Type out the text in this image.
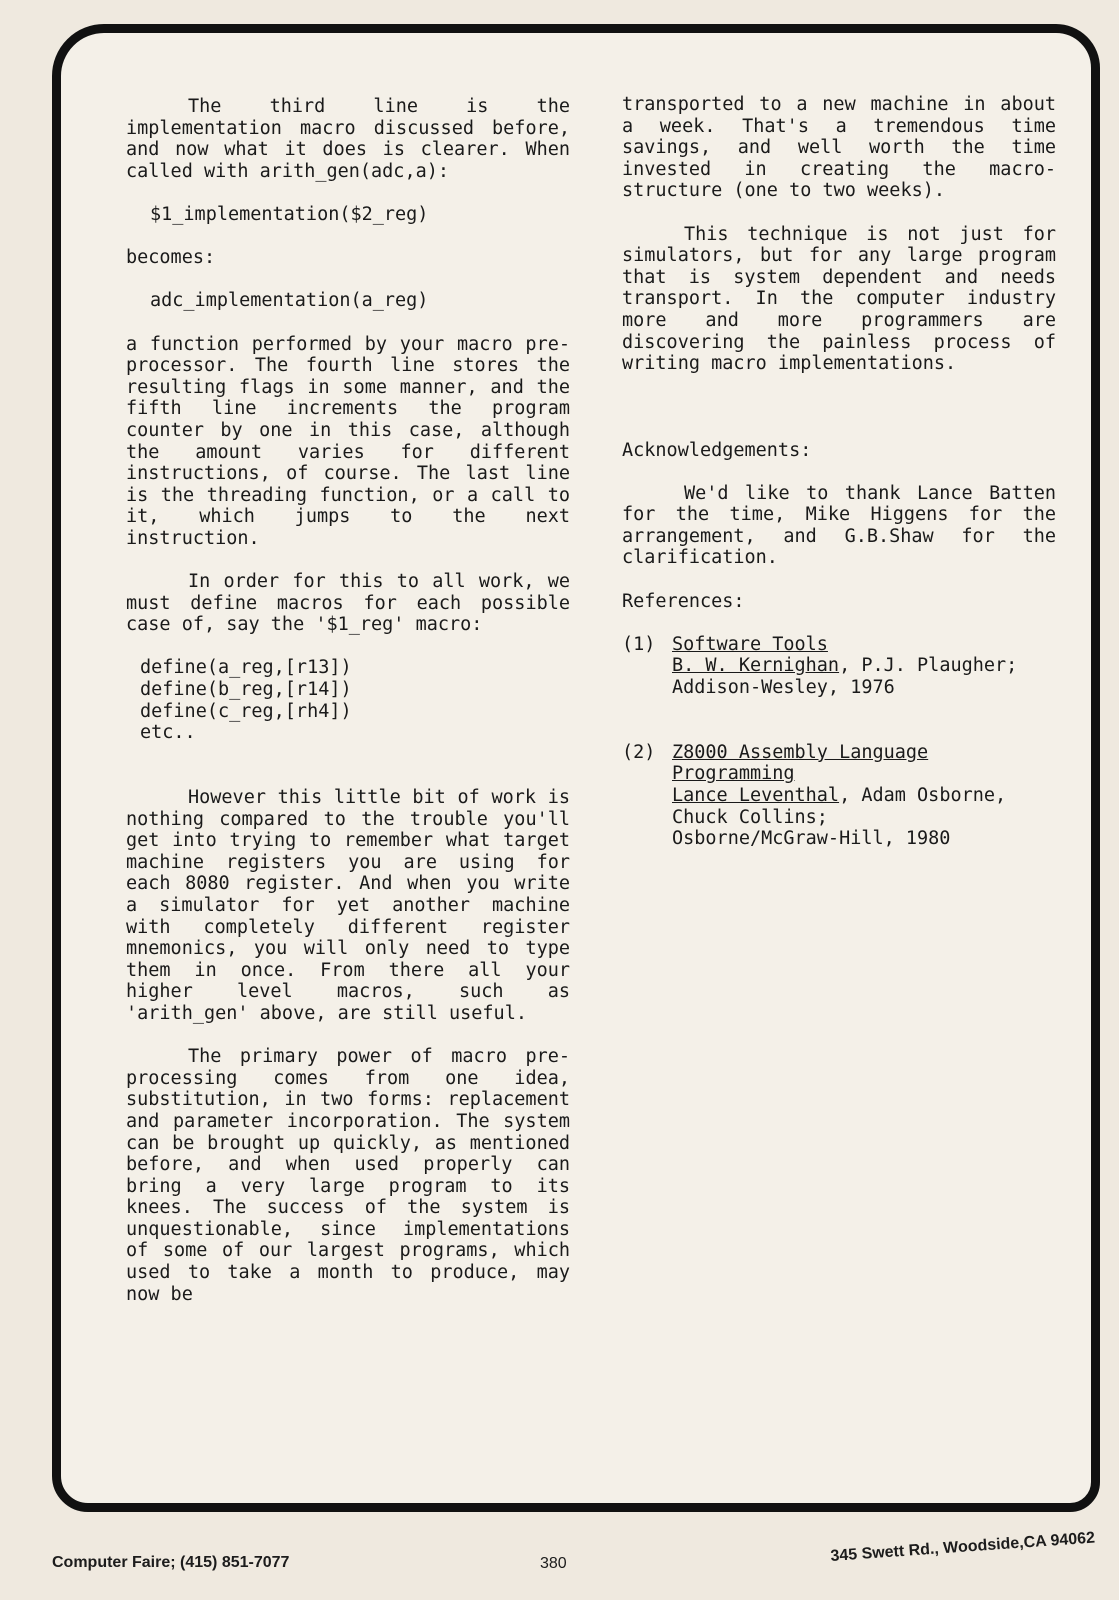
The third line is the implementation macro discussed before, and now what it does is clearer. When called with arith_gen(adc,a):

$1_implementation($2_reg)

becomes:

adc_implementation(a_reg)

a function performed by your macro pre-processor. The fourth line stores the resulting flags in some manner, and the fifth line increments the program counter by one in this case, although the amount varies for different instructions, of course. The last line is the threading function, or a call to it, which jumps to the next instruction.

In order for this to all work, we must define macros for each possible case of, say the '$1_reg' macro:

define(a_reg,[r13])
define(b_reg,[r14])
define(c_reg,[rh4])
etc..

However this little bit of work is nothing compared to the trouble you'll get into trying to remember what target machine registers you are using for each 8080 register. And when you write a simulator for yet another machine with completely different register mnemonics, you will only need to type them in once. From there all your higher level macros, such as 'arith_gen' above, are still useful.

The primary power of macro pre-processing comes from one idea, substitution, in two forms: replacement and parameter incorporation. The system can be brought up quickly, as mentioned before, and when used properly can bring a very large program to its knees. The success of the system is unquestionable, since implementations of some of our largest programs, which used to take a month to produce, may now be

transported to a new machine in about a week. That's a tremendous time savings, and well worth the time invested in creating the macro-structure (one to two weeks).

This technique is not just for simulators, but for any large program that is system dependent and needs transport. In the computer industry more and more programmers are discovering the painless process of writing macro implementations.

Acknowledgements:

We'd like to thank Lance Batten for the time, Mike Higgens for the arrangement, and G.B.Shaw for the clarification.

References:

(1) Software Tools
B. W. Kernighan, P.J. Plaugher;
Addison-Wesley, 1976
(2) Z8000 Assembly Language
Programming
Lance Leventhal, Adam Osborne,
Chuck Collins;
Osborne/McGraw-Hill, 1980
Computer Faire; (415) 851-7077	380	345 Swett Rd., Woodside,CA 94062
